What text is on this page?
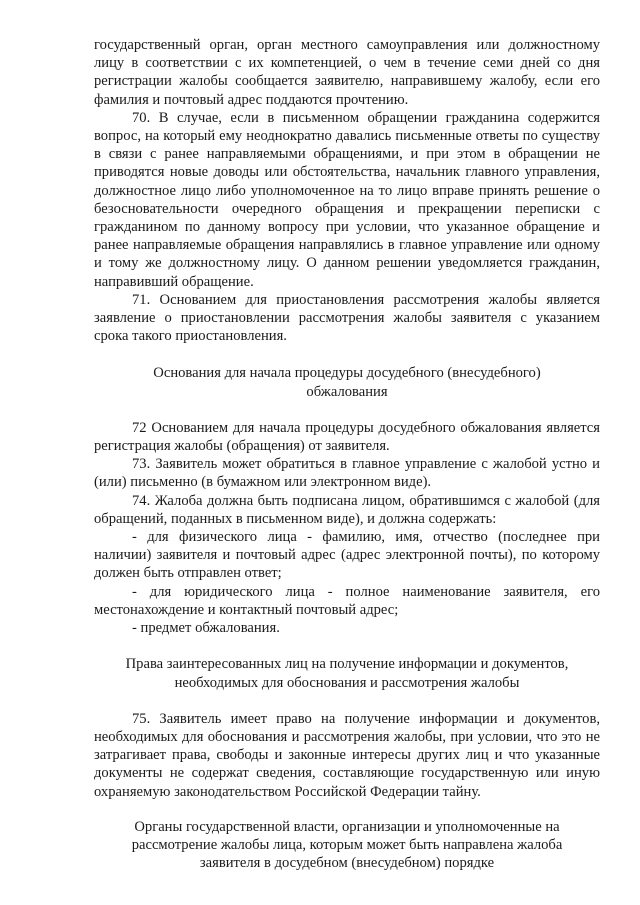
государственный орган, орган местного самоуправления или должностному лицу в соответствии с их компетенцией, о чем в течение семи дней со дня регистрации жалобы сообщается заявителю, направившему жалобу, если его фамилия и почтовый адрес поддаются прочтению.

70. В случае, если в письменном обращении гражданина содержится вопрос, на который ему неоднократно давались письменные ответы по существу в связи с ранее направляемыми обращениями, и при этом в обращении не приводятся новые доводы или обстоятельства, начальник главного управления, должностное лицо либо уполномоченное на то лицо вправе принять решение о безосновательности очередного обращения и прекращении переписки с гражданином по данному вопросу при условии, что указанное обращение и ранее направляемые обращения направлялись в главное управление или одному и тому же должностному лицу. О данном решении уведомляется гражданин, направивший обращение.

71. Основанием для приостановления рассмотрения жалобы является заявление о приостановлении рассмотрения жалобы заявителя с указанием срока такого приостановления.

Основания для начала процедуры досудебного (внесудебного) обжалования

72 Основанием для начала процедуры досудебного обжалования является регистрация жалобы (обращения) от заявителя.

73. Заявитель может обратиться в главное управление с жалобой устно и (или) письменно (в бумажном или электронном виде).

74. Жалоба должна быть подписана лицом, обратившимся с жалобой (для обращений, поданных в письменном виде), и должна содержать:

- для физического лица - фамилию, имя, отчество (последнее при наличии) заявителя и почтовый адрес (адрес электронной почты), по которому должен быть отправлен ответ;

- для юридического лица - полное наименование заявителя, его местонахождение и контактный почтовый адрес;

- предмет обжалования.

Права заинтересованных лиц на получение информации и документов, необходимых для обоснования и рассмотрения жалобы

75. Заявитель имеет право на получение информации и документов, необходимых для обоснования и рассмотрения жалобы, при условии, что это не затрагивает права, свободы и законные интересы других лиц и что указанные документы не содержат сведения, составляющие государственную или иную охраняемую законодательством Российской Федерации тайну.

Органы государственной власти, организации и уполномоченные на рассмотрение жалобы лица, которым может быть направлена жалоба заявителя в досудебном (внесудебном) порядке
